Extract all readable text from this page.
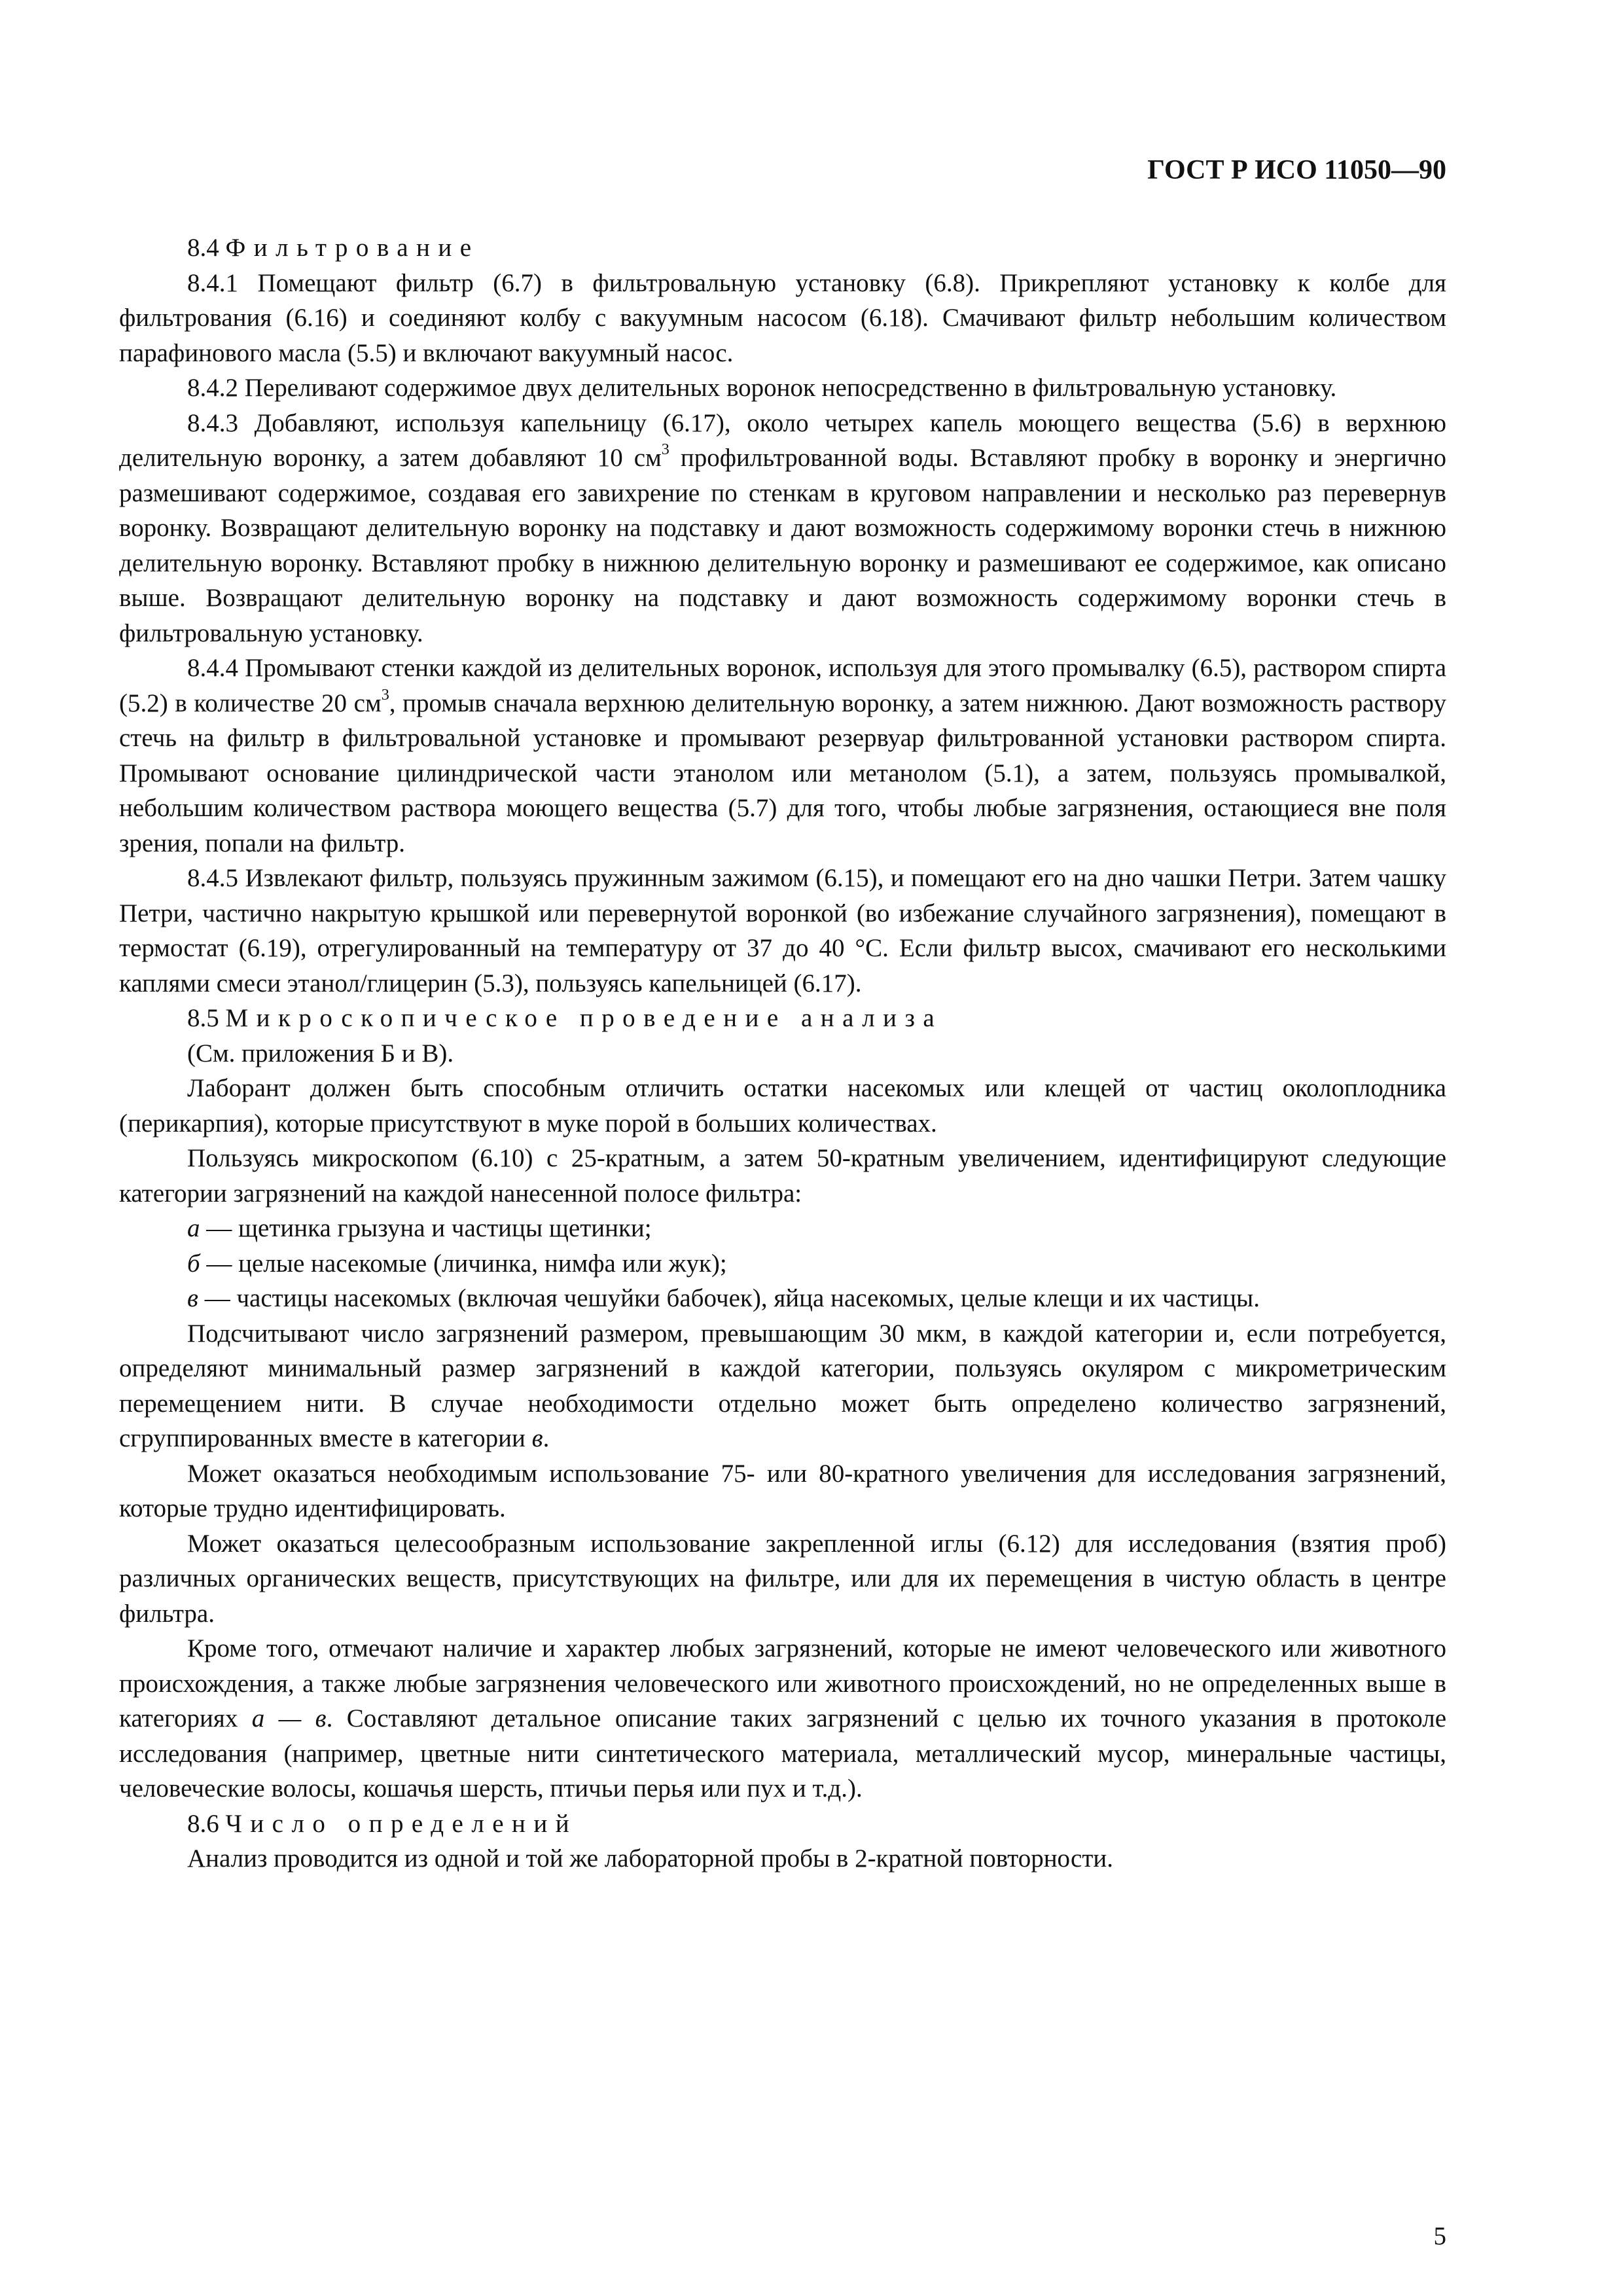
ГОСТ Р ИСО 11050—90

8.4 Фильтрование

8.4.1 Помещают фильтр (6.7) в фильтровальную установку (6.8). Прикрепляют установку к колбе для фильтрования (6.16) и соединяют колбу с вакуумным насосом (6.18). Смачивают фильтр небольшим количеством парафинового масла (5.5) и включают вакуумный насос.

8.4.2 Переливают содержимое двух делительных воронок непосредственно в фильтровальную установку.

8.4.3 Добавляют, используя капельницу (6.17), около четырех капель моющего вещества (5.6) в верхнюю делительную воронку, а затем добавляют 10 $см^3$ профильтрованной воды. Вставляют пробку в воронку и энергично размешивают содержимое, создавая его завихрение по стенкам в круговом направлении и несколько раз перевернув воронку. Возвращают делительную воронку на подставку и дают возможность содержимому воронки стечь в нижнюю делительную воронку. Вставляют пробку в нижнюю делительную воронку и размешивают ее содержимое, как описано выше. Возвращают делительную воронку на подставку и дают возможность содержимому воронки стечь в фильтровальную установку.

8.4.4 Промывают стенки каждой из делительных воронок, используя для этого промывалку (6.5), раствором спирта (5.2) в количестве 20 $см^3$, промыв сначала верхнюю делительную воронку, а затем нижнюю. Дают возможность раствору стечь на фильтр в фильтровальной установке и промывают резервуар фильтрованной установки раствором спирта. Промывают основание цилиндрической части этанолом или метанолом (5.1), а затем, пользуясь промывалкой, небольшим количеством раствора моющего вещества (5.7) для того, чтобы любые загрязнения, остающиеся вне поля зрения, попали на фильтр.

8.4.5 Извлекают фильтр, пользуясь пружинным зажимом (6.15), и помещают его на дно чашки Петри. Затем чашку Петри, частично накрытую крышкой или перевернутой воронкой (во избежание случайного загрязнения), помещают в термостат (6.19), отрегулированный на температуру от 37 до 40 °С. Если фильтр высох, смачивают его несколькими каплями смеси этанол/глицерин (5.3), пользуясь капельницей (6.17).

8.5 Микроскопическое проведение анализа

(См. приложения Б и В).

Лаборант должен быть способным отличить остатки насекомых или клещей от частиц околоплодника (перикарпия), которые присутствуют в муке порой в больших количествах.

Пользуясь микроскопом (6.10) с 25-кратным, а затем 50-кратным увеличением, идентифицируют следующие категории загрязнений на каждой нанесенной полосе фильтра:

а — щетинка грызуна и частицы щетинки;

б — целые насекомые (личинка, нимфа или жук);

в — частицы насекомых (включая чешуйки бабочек), яйца насекомых, целые клещи и их частицы.

Подсчитывают число загрязнений размером, превышающим 30 мкм, в каждой категории и, если потребуется, определяют минимальный размер загрязнений в каждой категории, пользуясь окуляром с микрометрическим перемещением нити. В случае необходимости отдельно может быть определено количество загрязнений, сгруппированных вместе в категории в.

Может оказаться необходимым использование 75- или 80-кратного увеличения для исследования загрязнений, которые трудно идентифицировать.

Может оказаться целесообразным использование закрепленной иглы (6.12) для исследования (взятия проб) различных органических веществ, присутствующих на фильтре, или для их перемещения в чистую область в центре фильтра.

Кроме того, отмечают наличие и характер любых загрязнений, которые не имеют человеческого или животного происхождения, а также любые загрязнения человеческого или животного происхождений, но не определенных выше в категориях а — в. Составляют детальное описание таких загрязнений с целью их точного указания в протоколе исследования (например, цветные нити синтетического материала, металлический мусор, минеральные частицы, человеческие волосы, кошачья шерсть, птичьи перья или пух и т.д.).

8.6 Число определений

Анализ проводится из одной и той же лабораторной пробы в 2-кратной повторности.

5
